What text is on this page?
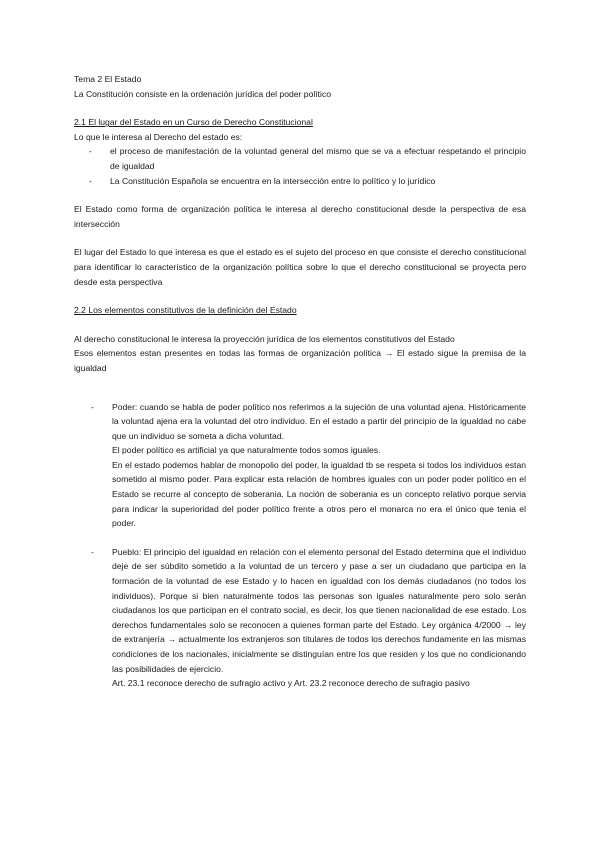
Tema 2 El Estado

La Constitución consiste en la ordenación jurídica del poder político

2.1 El lugar del Estado en un Curso de Derecho Constitucional

Lo que le interesa al Derecho del estado es:

- el proceso de manifestación de la voluntad general del mismo que se va a efectuar respetando el principio de igualdad
- La Constitución Española se encuentra en la intersección entre lo político y lo jurídico

El Estado como forma de organización política le interesa al derecho constitucional desde la perspectiva de esa intersección

El lugar del Estado lo que interesa es que el estado es el sujeto del proceso en que consiste el derecho constitucional para identificar lo característico de la organización política sobre lo que el derecho constitucional se proyecta pero desde esta perspectiva

2.2 Los elementos constitutivos de la definición del Estado

Al derecho constitucional le interesa la proyección jurídica de los elementos constitutivos del Estado

Esos elementos estan presentes en todas las formas de organización política → El estado sigue la premisa de la igualdad

- Poder: cuando se habla de poder político nos referimos a la sujeción de una voluntad ajena. Históricamente la voluntad ajena era la voluntad del otro individuo. En el estado a partir del principio de la igualdad no cabe que un individuo se someta a dicha voluntad.
El poder político es artificial ya que naturalmente todos somos iguales.
En el estado podemos hablar de monopolio del poder, la igualdad tb se respeta si todos los individuos estan sometido al mismo poder. Para explicar esta relación de hombres iguales con un poder poder político en el Estado se recurre al concepto de soberania. La noción de soberania es un concepto relativo porque servia para indicar la superioridad del poder político frente a otros pero el monarca no era el único que tenia el poder.
- Pueblo: El principio del igualdad en relación con el elemento personal del Estado determina que el individuo deje de ser súbdito sometido a la voluntad de un tercero y pase a ser un ciudadano que participa en la formación de la voluntad de ese Estado y lo hacen en igualdad con los demás ciudadanos (no todos los individuos). Porque si bien naturalmente todos las personas son iguales naturalmente pero solo serán ciudadanos los que participan en el contrato social, es decir, los que tienen nacionalidad de ese estado. Los derechos fundamentales solo se reconocen a quienes forman parte del Estado. Ley orgánica 4/2000 → ley de extranjería → actualmente los extranjeros son titulares de todos los derechos fundamente en las mismas condiciones de los nacionales, inicialmente se distinguían entre los que residen y los que no condicionando las posibilidades de ejercicio.
Art. 23.1 reconoce derecho de sufragio activo y Art. 23.2 reconoce derecho de sufragio pasivo
